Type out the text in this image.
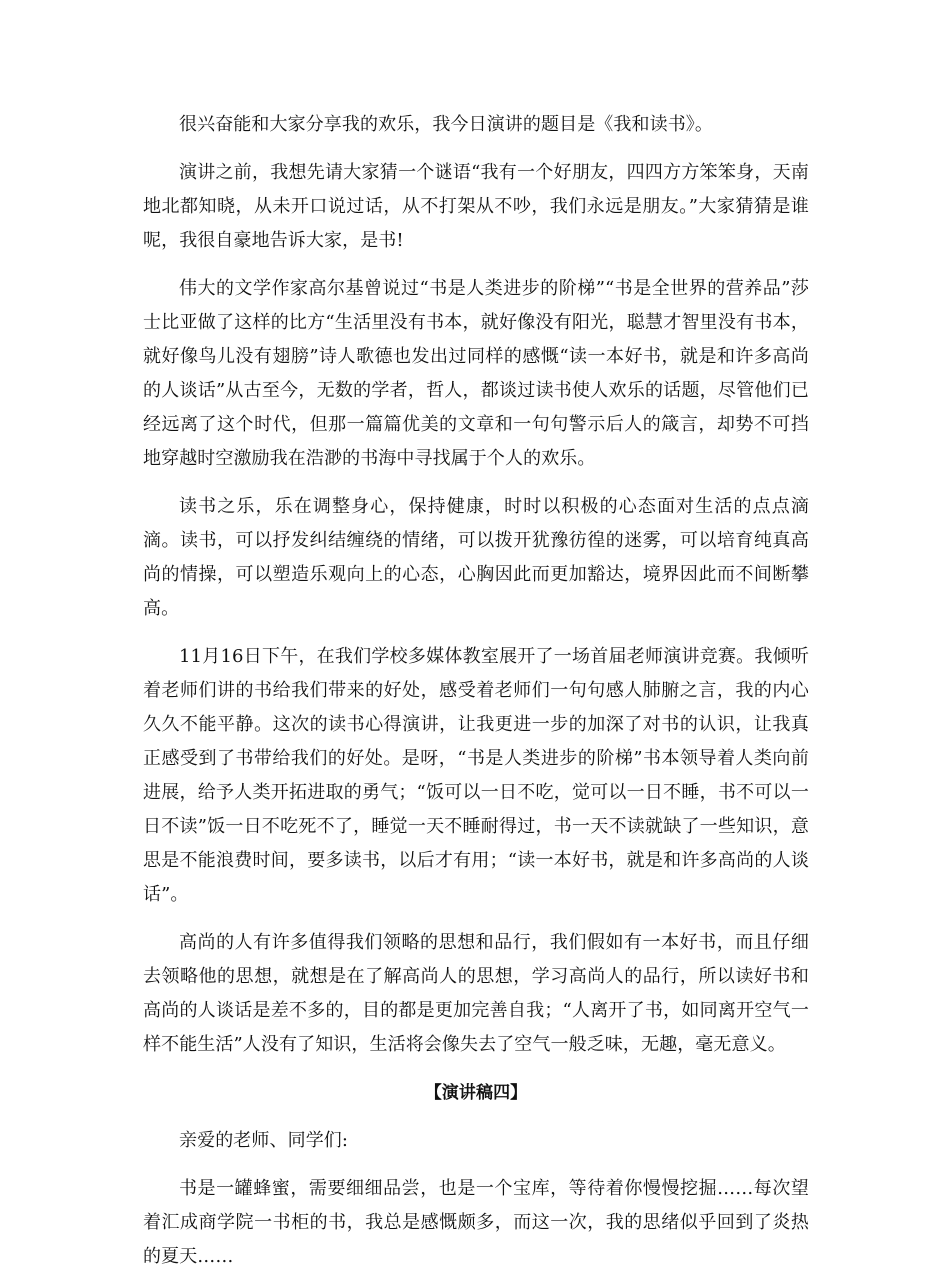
很兴奋能和大家分享我的欢乐，我今日演讲的题目是《我和读书》。

演讲之前，我想先请大家猜一个谜语“我有一个好朋友，四四方方笨笨身，天南地北都知晓，从未开口说过话，从不打架从不吵，我们永远是朋友。”大家猜猜是谁呢，我很自豪地告诉大家，是书!

伟大的文学作家高尔基曾说过“书是人类进步的阶梯”“书是全世界的营养品”莎士比亚做了这样的比方“生活里没有书本，就好像没有阳光，聪慧才智里没有书本，就好像鸟儿没有翅膀”诗人歌德也发出过同样的感慨“读一本好书，就是和许多高尚的人谈话”从古至今，无数的学者，哲人，都谈过读书使人欢乐的话题，尽管他们已经远离了这个时代，但那一篇篇优美的文章和一句句警示后人的箴言，却势不可挡地穿越时空激励我在浩渺的书海中寻找属于个人的欢乐。

读书之乐，乐在调整身心，保持健康，时时以积极的心态面对生活的点点滴滴。读书，可以抒发纠结缠绕的情绪，可以拨开犹豫彷徨的迷雾，可以培育纯真高尚的情操，可以塑造乐观向上的心态，心胸因此而更加豁达，境界因此而不间断攀高。

11月16日下午，在我们学校多媒体教室展开了一场首届老师演讲竞赛。我倾听着老师们讲的书给我们带来的好处，感受着老师们一句句感人肺腑之言，我的内心久久不能平静。这次的读书心得演讲，让我更进一步的加深了对书的认识，让我真正感受到了书带给我们的好处。是呀，“书是人类进步的阶梯”书本领导着人类向前进展，给予人类开拓进取的勇气；“饭可以一日不吃，觉可以一日不睡，书不可以一日不读”饭一日不吃死不了，睡觉一天不睡耐得过，书一天不读就缺了一些知识，意思是不能浪费时间，要多读书，以后才有用；“读一本好书，就是和许多高尚的人谈话”。

高尚的人有许多值得我们领略的思想和品行，我们假如有一本好书，而且仔细去领略他的思想，就想是在了解高尚人的思想，学习高尚人的品行，所以读好书和高尚的人谈话是差不多的，目的都是更加完善自我；“人离开了书，如同离开空气一样不能生活”人没有了知识，生活将会像失去了空气一般乏味，无趣，毫无意义。

【演讲稿四】

亲爱的老师、同学们:

书是一罐蜂蜜，需要细细品尝，也是一个宝库，等待着你慢慢挖掘……每次望着汇成商学院一书柜的书，我总是感慨颇多，而这一次，我的思绪似乎回到了炎热的夏天……
